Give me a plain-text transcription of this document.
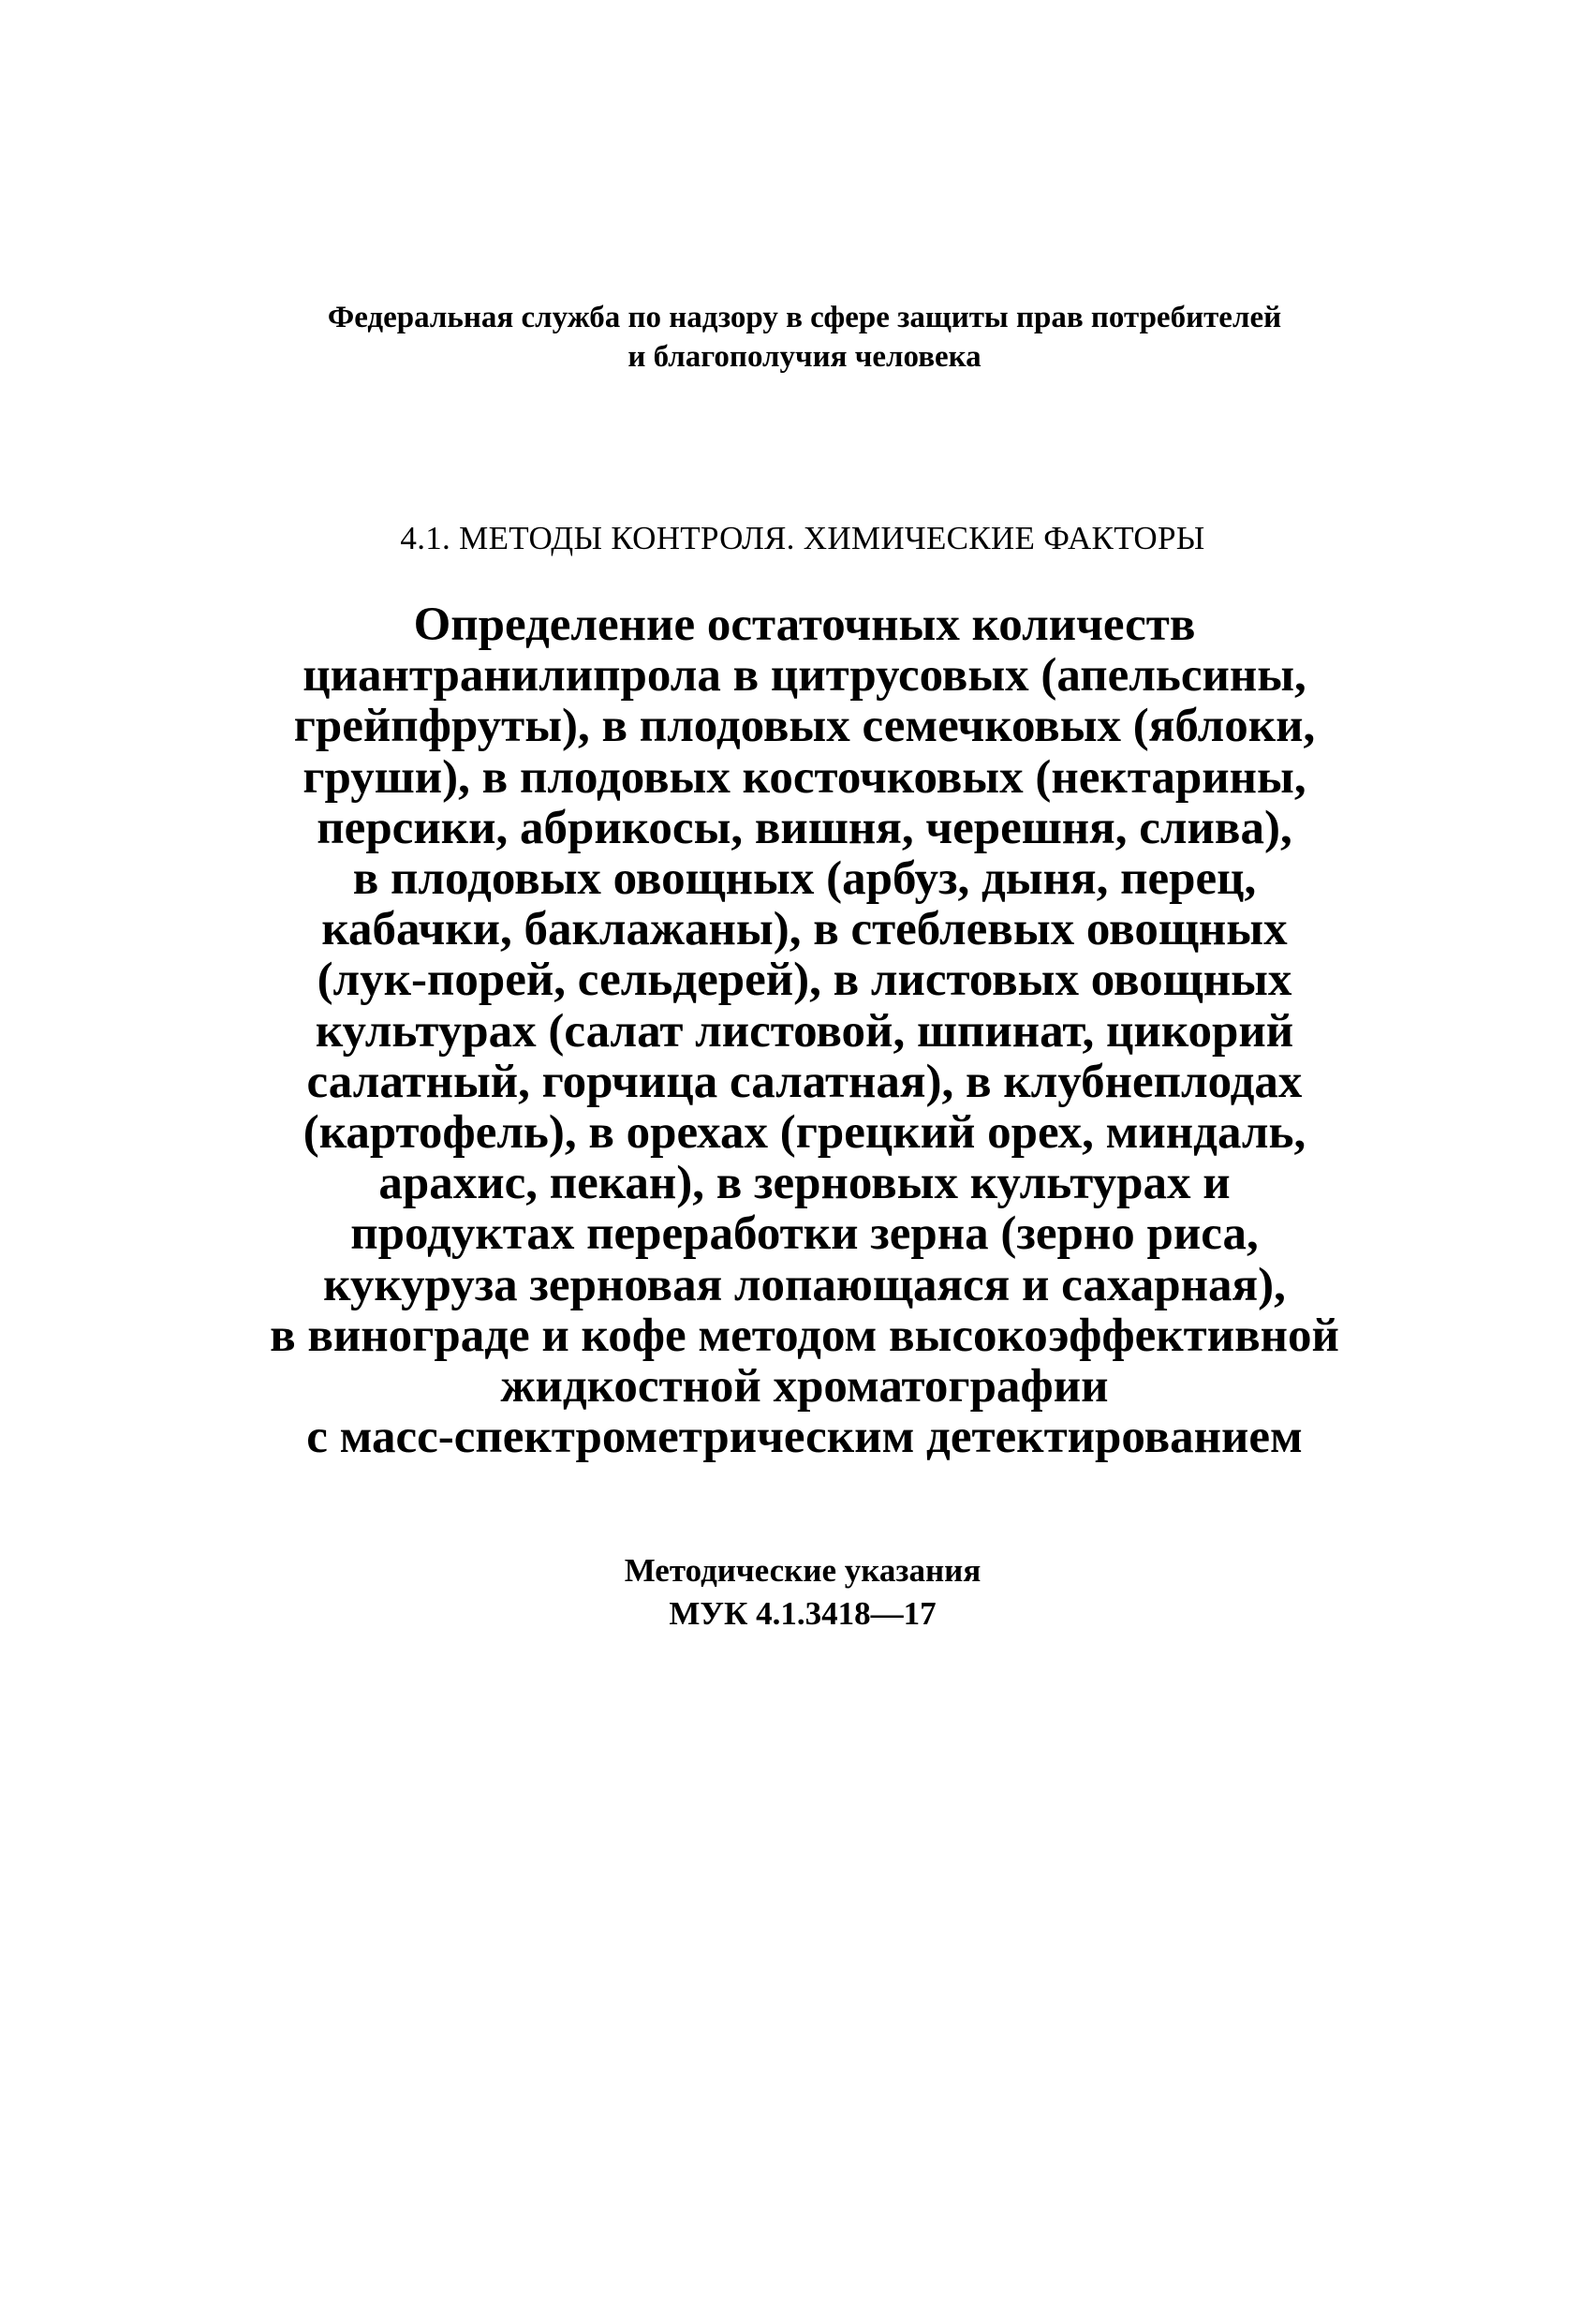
Федеральная служба по надзору в сфере защиты прав потребителей
и благополучия человека
4.1. МЕТОДЫ КОНТРОЛЯ. ХИМИЧЕСКИЕ ФАКТОРЫ
Определение остаточных количеств
циантранилипрола в цитрусовых (апельсины,
грейпфруты), в плодовых семечковых (яблоки,
груши), в плодовых косточковых (нектарины,
персики, абрикосы, вишня, черешня, слива),
в плодовых овощных (арбуз, дыня, перец,
кабачки, баклажаны), в стеблевых овощных
(лук-порей, сельдерей), в листовых овощных
культурах (салат листовой, шпинат, цикорий
салатный, горчица салатная), в клубнеплодах
(картофель), в орехах (грецкий орех, миндаль,
арахис, пекан), в зерновых культурах и
продуктах переработки зерна (зерно риса,
кукуруза зерновая лопающаяся и сахарная),
в винограде и кофе методом высокоэффективной
жидкостной хроматографии
с масс-спектрометрическим детектированием
Методические указания
МУК 4.1.3418—17
